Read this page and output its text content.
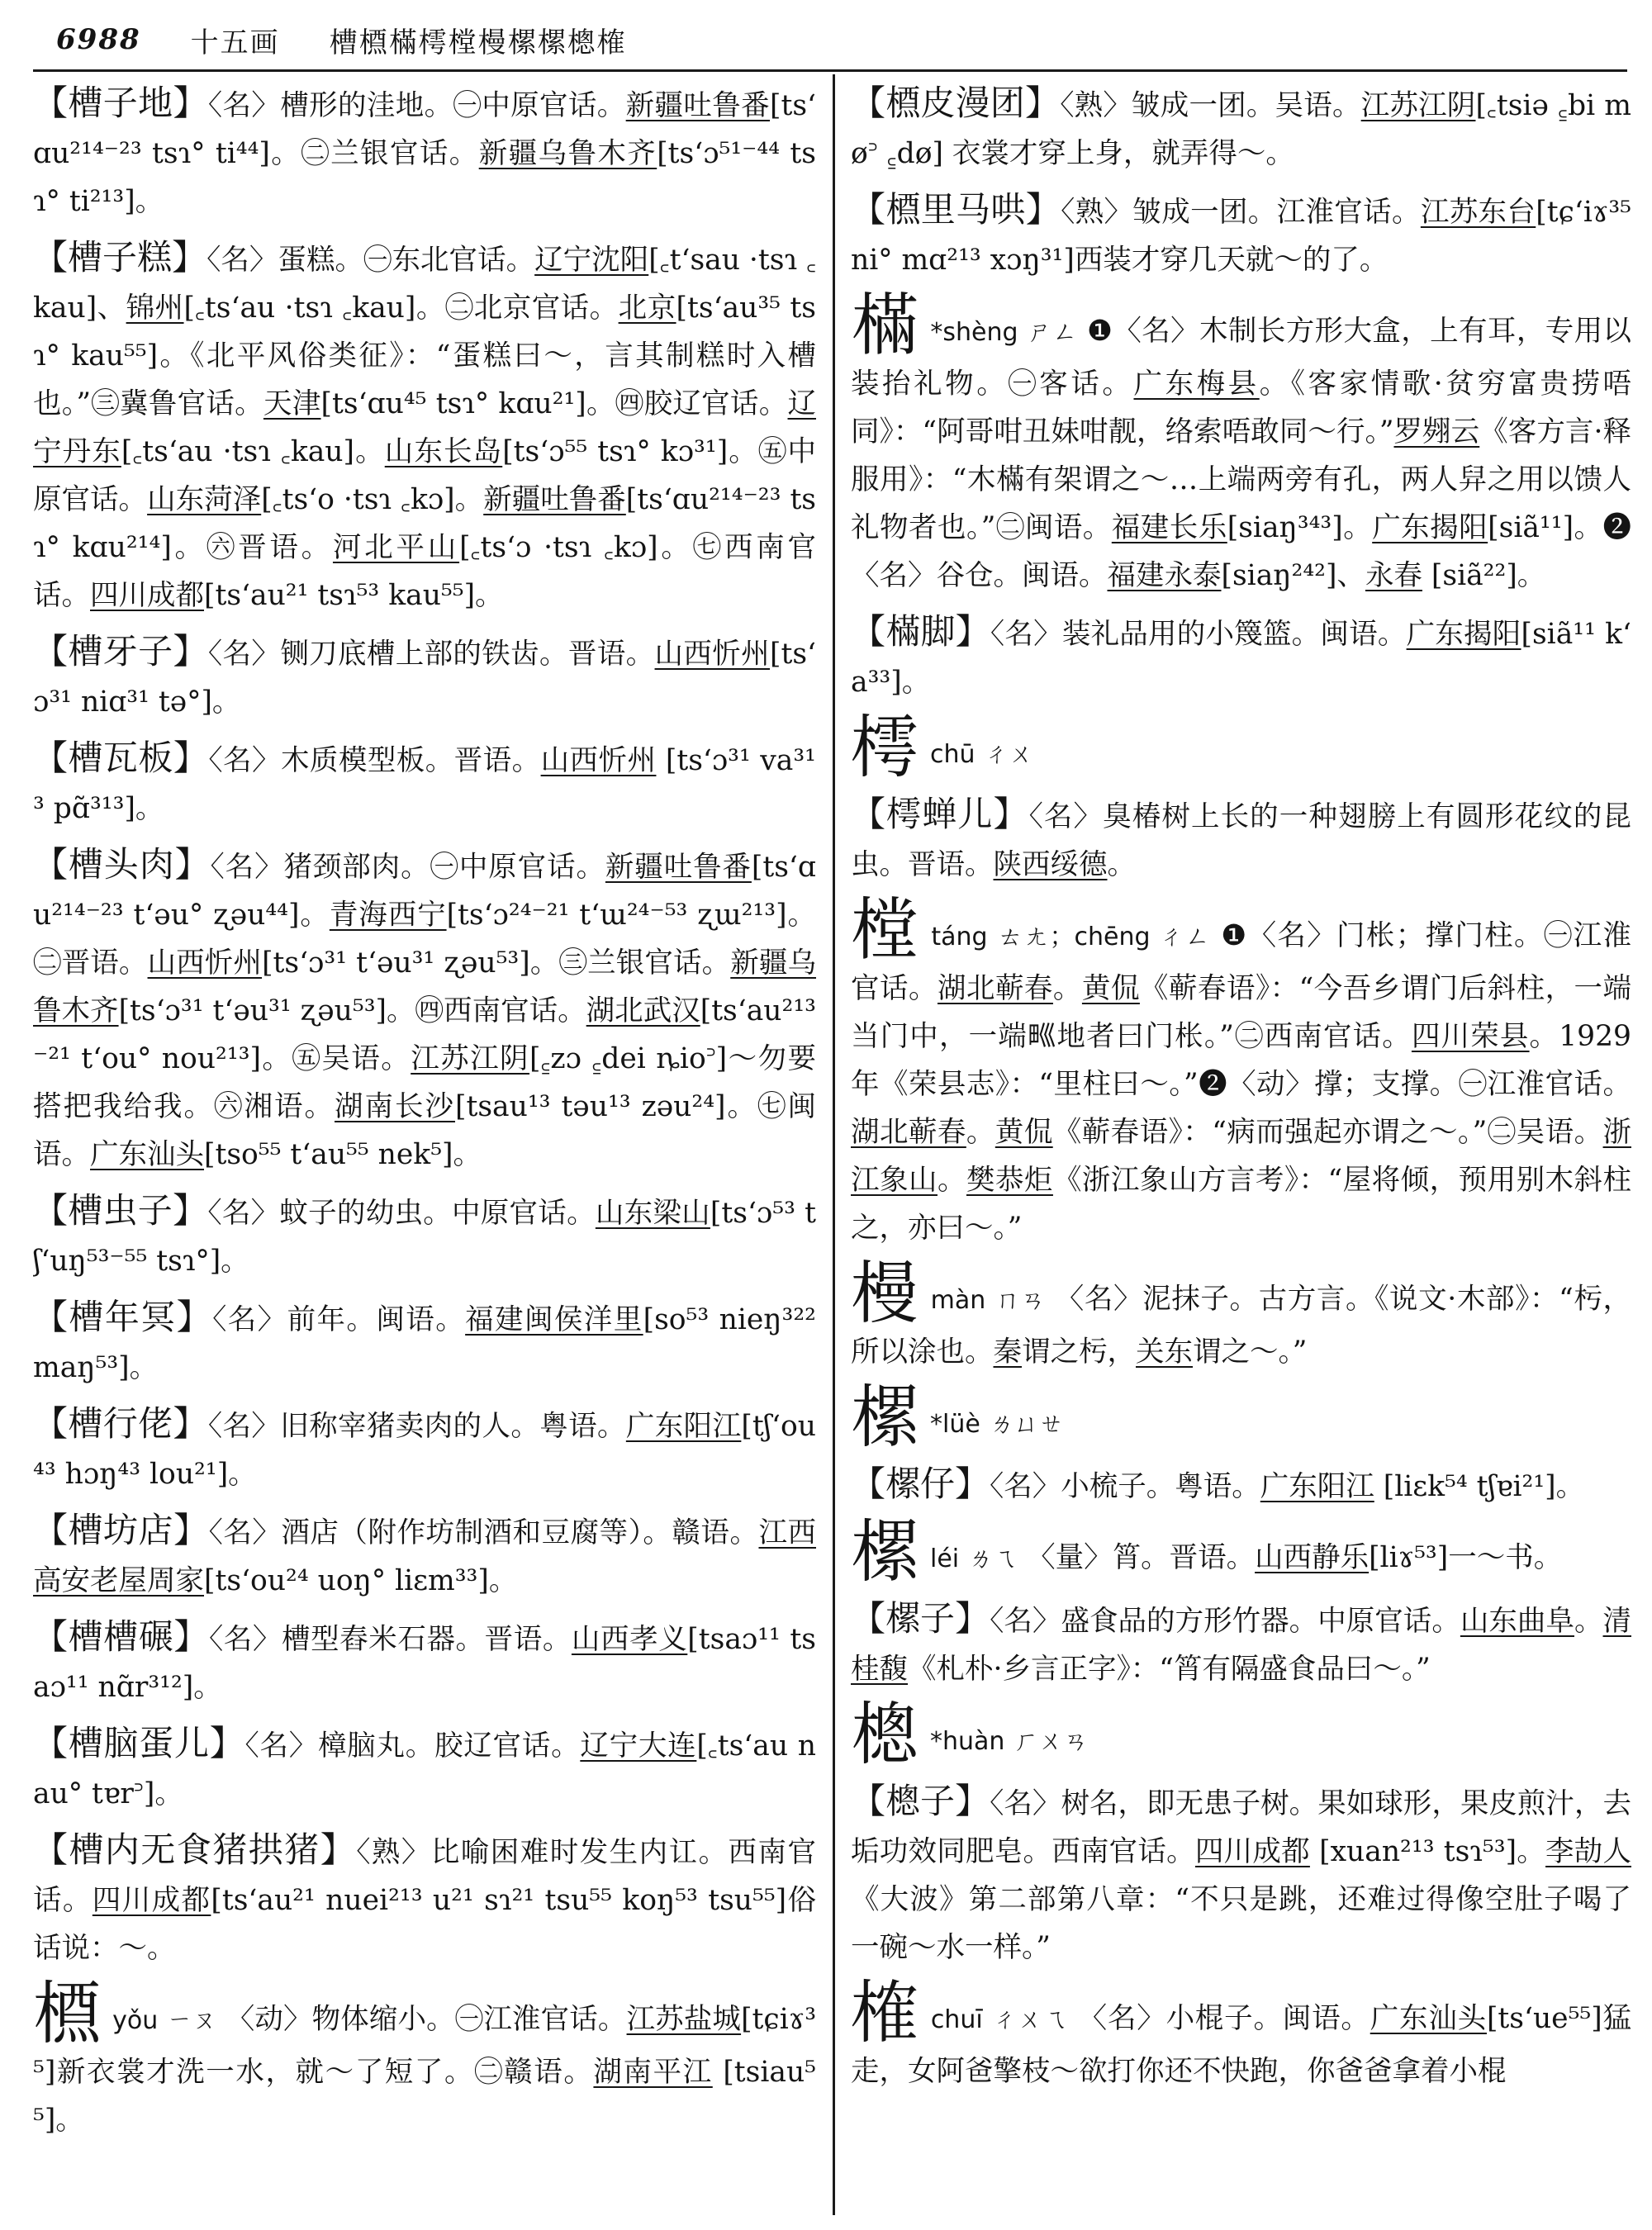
6988 十五画 槽槱樠樗樘槾樏樏樬榷

【槽子地】〈名〉槽形的洼地。㊀中原官话。新疆吐鲁番[tsʻɑu²¹⁴⁻²³ tsɿ° ti⁴⁴]。㊁兰银官话。新疆乌鲁木齐[tsʻɔ⁵¹⁻⁴⁴ tsɿ° ti²¹³]。

【槽子糕】〈名〉蛋糕。㊀东北官话。辽宁沈阳[꜀tʻsau ·tsɿ ꜀kau]、锦州[꜀tsʻau ·tsɿ ꜀kau]。㊁北京官话。北京[tsʻau³⁵ tsɿ° kau⁵⁵]。《北平风俗类征》：“蛋糕曰～，言其制糕时入槽也。”㊂冀鲁官话。天津[tsʻɑu⁴⁵ tsɿ° kɑu²¹]。㊃胶辽官话。辽宁丹东[꜀tsʻau ·tsɿ ꜀kau]。山东长岛[tsʻɔ⁵⁵ tsɿ° kɔ³¹]。㊄中原官话。山东菏泽[꜀tsʻo ·tsɿ ꜀kɔ]。新疆吐鲁番[tsʻɑu²¹⁴⁻²³ tsɿ° kɑu²¹⁴]。㊅晋语。河北平山[꜀tsʻɔ ·tsɿ ꜀kɔ]。㊆西南官话。四川成都[tsʻau²¹ tsɿ⁵³ kau⁵⁵]。

【槽牙子】〈名〉铡刀底槽上部的铁齿。晋语。山西忻州[tsʻɔ³¹ niɑ³¹ tə°]。

【槽瓦板】〈名〉木质模型板。晋语。山西忻州 [tsʻɔ³¹ va³¹³ pɑ̃³¹³]。

【槽头肉】〈名〉猪颈部肉。㊀中原官话。新疆吐鲁番[tsʻɑu²¹⁴⁻²³ tʻəu° ʐəu⁴⁴]。青海西宁[tsʻɔ²⁴⁻²¹ tʻɯ²⁴⁻⁵³ ʐɯ²¹³]。㊁晋语。山西忻州[tsʻɔ³¹ tʻəu³¹ ʐəu⁵³]。㊂兰银官话。新疆乌鲁木齐[tsʻɔ³¹ tʻəu³¹ ʐəu⁵³]。㊃西南官话。湖北武汉[tsʻau²¹³⁻²¹ tʻou° nou²¹³]。㊄吴语。江苏江阴[꜁zɔ ꜁dei ȵio꜄]～勿要搭把我给我。㊅湘语。湖南长沙[tsau¹³ təu¹³ zəu²⁴]。㊆闽语。广东汕头[tso⁵⁵ tʻau⁵⁵ nek⁵]。

【槽虫子】〈名〉蚊子的幼虫。中原官话。山东梁山[tsʻɔ⁵³ tʃʻuŋ⁵³⁻⁵⁵ tsɿ°]。

【槽年冥】〈名〉前年。闽语。福建闽侯洋里[so⁵³ nieŋ³²² maŋ⁵³]。

【槽行佬】〈名〉旧称宰猪卖肉的人。粤语。广东阳江[tʃʻou⁴³ hɔŋ⁴³ lou²¹]。

【槽坊店】〈名〉酒店（附作坊制酒和豆腐等）。赣语。江西高安老屋周家[tsʻou²⁴ uoŋ° liɛm³³]。

【槽槽碾】〈名〉槽型舂米石器。晋语。山西孝义[tsaɔ¹¹ tsaɔ¹¹ nɑ̃r³¹²]。

【槽脑蛋儿】〈名〉樟脑丸。胶辽官话。辽宁大连[꜀tsʻau nau° tɐr꜄]。

【槽内无食猪拱猪】〈熟〉比喻困难时发生内讧。西南官话。四川成都[tsʻau²¹ nuei²¹³ u²¹ sɿ²¹ tsu⁵⁵ koŋ⁵³ tsu⁵⁵]俗话说：～。

槱yǒu ㄧㄡ 〈动〉物体缩小。㊀江淮官话。江苏盐城[tɕiɤ³⁵]新衣裳才洗一水，就～了短了。㊁赣语。湖南平江 [tsiau⁵⁵]。

【槱皮漫团】〈熟〉皱成一团。吴语。江苏江阴[꜀tsiə ꜁bi mø꜄ ꜁dø] 衣裳才穿上身，就弄得～。

【槱里马哄】〈熟〉皱成一团。江淮官话。江苏东台[tɕʻiɤ³⁵ ni° mɑ²¹³ xɔŋ³¹]西装才穿几天就～的了。

樠 *shèng ㄕㄥ ❶〈名〉木制长方形大盒，上有耳，专用以装抬礼物。㊀客话。广东梅县。《客家情歌·贫穷富贵捞唔同》：“阿哥咁丑妹咁靓，络索唔敢同～行。”罗翙云《客方言·释服用》：“木樠有架谓之～…上端两旁有孔，两人舁之用以馈人礼物者也。”㊁闽语。福建长乐[siaŋ³⁴³]。广东揭阳[siã¹¹]。❷〈名〉谷仓。闽语。福建永泰[siaŋ²⁴²]、永春 [siã²²]。

【樠脚】〈名〉装礼品用的小篾篮。闽语。广东揭阳[siã¹¹ kʻa³³]。

樗chū ㄔㄨ

【樗蝉儿】〈名〉臭椿树上长的一种翅膀上有圆形花纹的昆虫。晋语。陕西绥德。

樘táng ㄊㄤ；chēng ㄔㄥ ❶〈名〉门枨；撑门柱。㊀江淮官话。湖北蕲春。黄侃《蕲春语》：“今吾乡谓门后斜柱，一端当门中，一端𤰝地者曰门枨。”㊁西南官话。四川荣县。1929年《荣县志》：“里柱曰～。”❷〈动〉撑；支撑。㊀江淮官话。湖北蕲春。黄侃《蕲春语》：“病而强起亦谓之～。”㊁吴语。浙江象山。樊恭炬《浙江象山方言考》：“屋将倾，预用别木斜柱之，亦曰～。”

槾màn ㄇㄢ 〈名〉泥抹子。古方言。《说文·木部》：“杇，所以涂也。秦谓之杇，关东谓之～。”

樏 *lüè ㄌㄩㄝ

【樏仔】〈名〉小梳子。粤语。广东阳江 [liɛk⁵⁴ tʃɐi²¹]。

樏léi ㄌㄟ 〈量〉筲。晋语。山西静乐[liɤ⁵³]一～书。

【樏子】〈名〉盛食品的方形竹器。中原官话。山东曲阜。清桂馥《札朴·乡言正字》：“筲有隔盛食品曰～。”

樬 *huàn ㄏㄨㄢ

【樬子】〈名〉树名，即无患子树。果如球形，果皮煎汁，去垢功效同肥皂。西南官话。四川成都 [xuan²¹³ tsɿ⁵³]。李劼人《大波》第二部第八章：“不只是跳，还难过得像空肚子喝了一碗～水一样。”

榷chuī ㄔㄨㄟ 〈名〉小棍子。闽语。广东汕头[tsʻue⁵⁵]猛走，女阿爸擎枝～欲打你还不快跑，你爸爸拿着小棍
